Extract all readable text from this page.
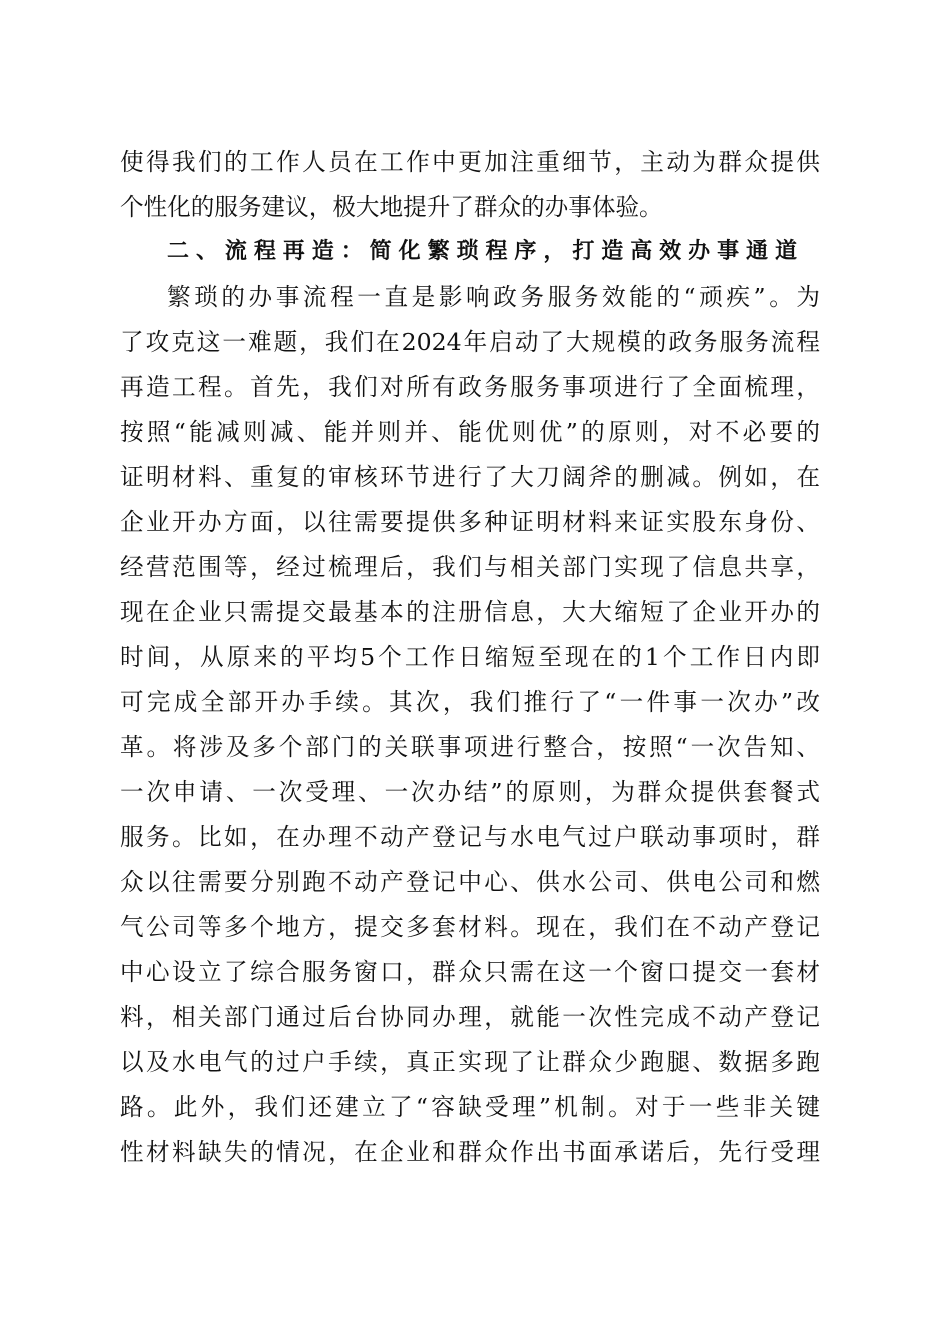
使得我们的工作人员在工作中更加注重细节，主动为群众提供
个性化的服务建议，极大地提升了群众的办事体验。
二、流程再造：简化繁琐程序，打造高效办事通道
繁琐的办事流程一直是影响政务服务效能的“顽疾”。为
了攻克这一难题，我们在2024年启动了大规模的政务服务流程
再造工程。首先，我们对所有政务服务事项进行了全面梳理，
按照“能减则减、能并则并、能优则优”的原则，对不必要的
证明材料、重复的审核环节进行了大刀阔斧的删减。例如，在
企业开办方面，以往需要提供多种证明材料来证实股东身份、
经营范围等，经过梳理后，我们与相关部门实现了信息共享，
现在企业只需提交最基本的注册信息，大大缩短了企业开办的
时间，从原来的平均5个工作日缩短至现在的1个工作日内即
可完成全部开办手续。其次，我们推行了“一件事一次办”改
革。将涉及多个部门的关联事项进行整合，按照“一次告知、
一次申请、一次受理、一次办结”的原则，为群众提供套餐式
服务。比如，在办理不动产登记与水电气过户联动事项时，群
众以往需要分别跑不动产登记中心、供水公司、供电公司和燃
气公司等多个地方，提交多套材料。现在，我们在不动产登记
中心设立了综合服务窗口，群众只需在这一个窗口提交一套材
料，相关部门通过后台协同办理，就能一次性完成不动产登记
以及水电气的过户手续，真正实现了让群众少跑腿、数据多跑
路。此外，我们还建立了“容缺受理”机制。对于一些非关键
性材料缺失的情况，在企业和群众作出书面承诺后，先行受理
